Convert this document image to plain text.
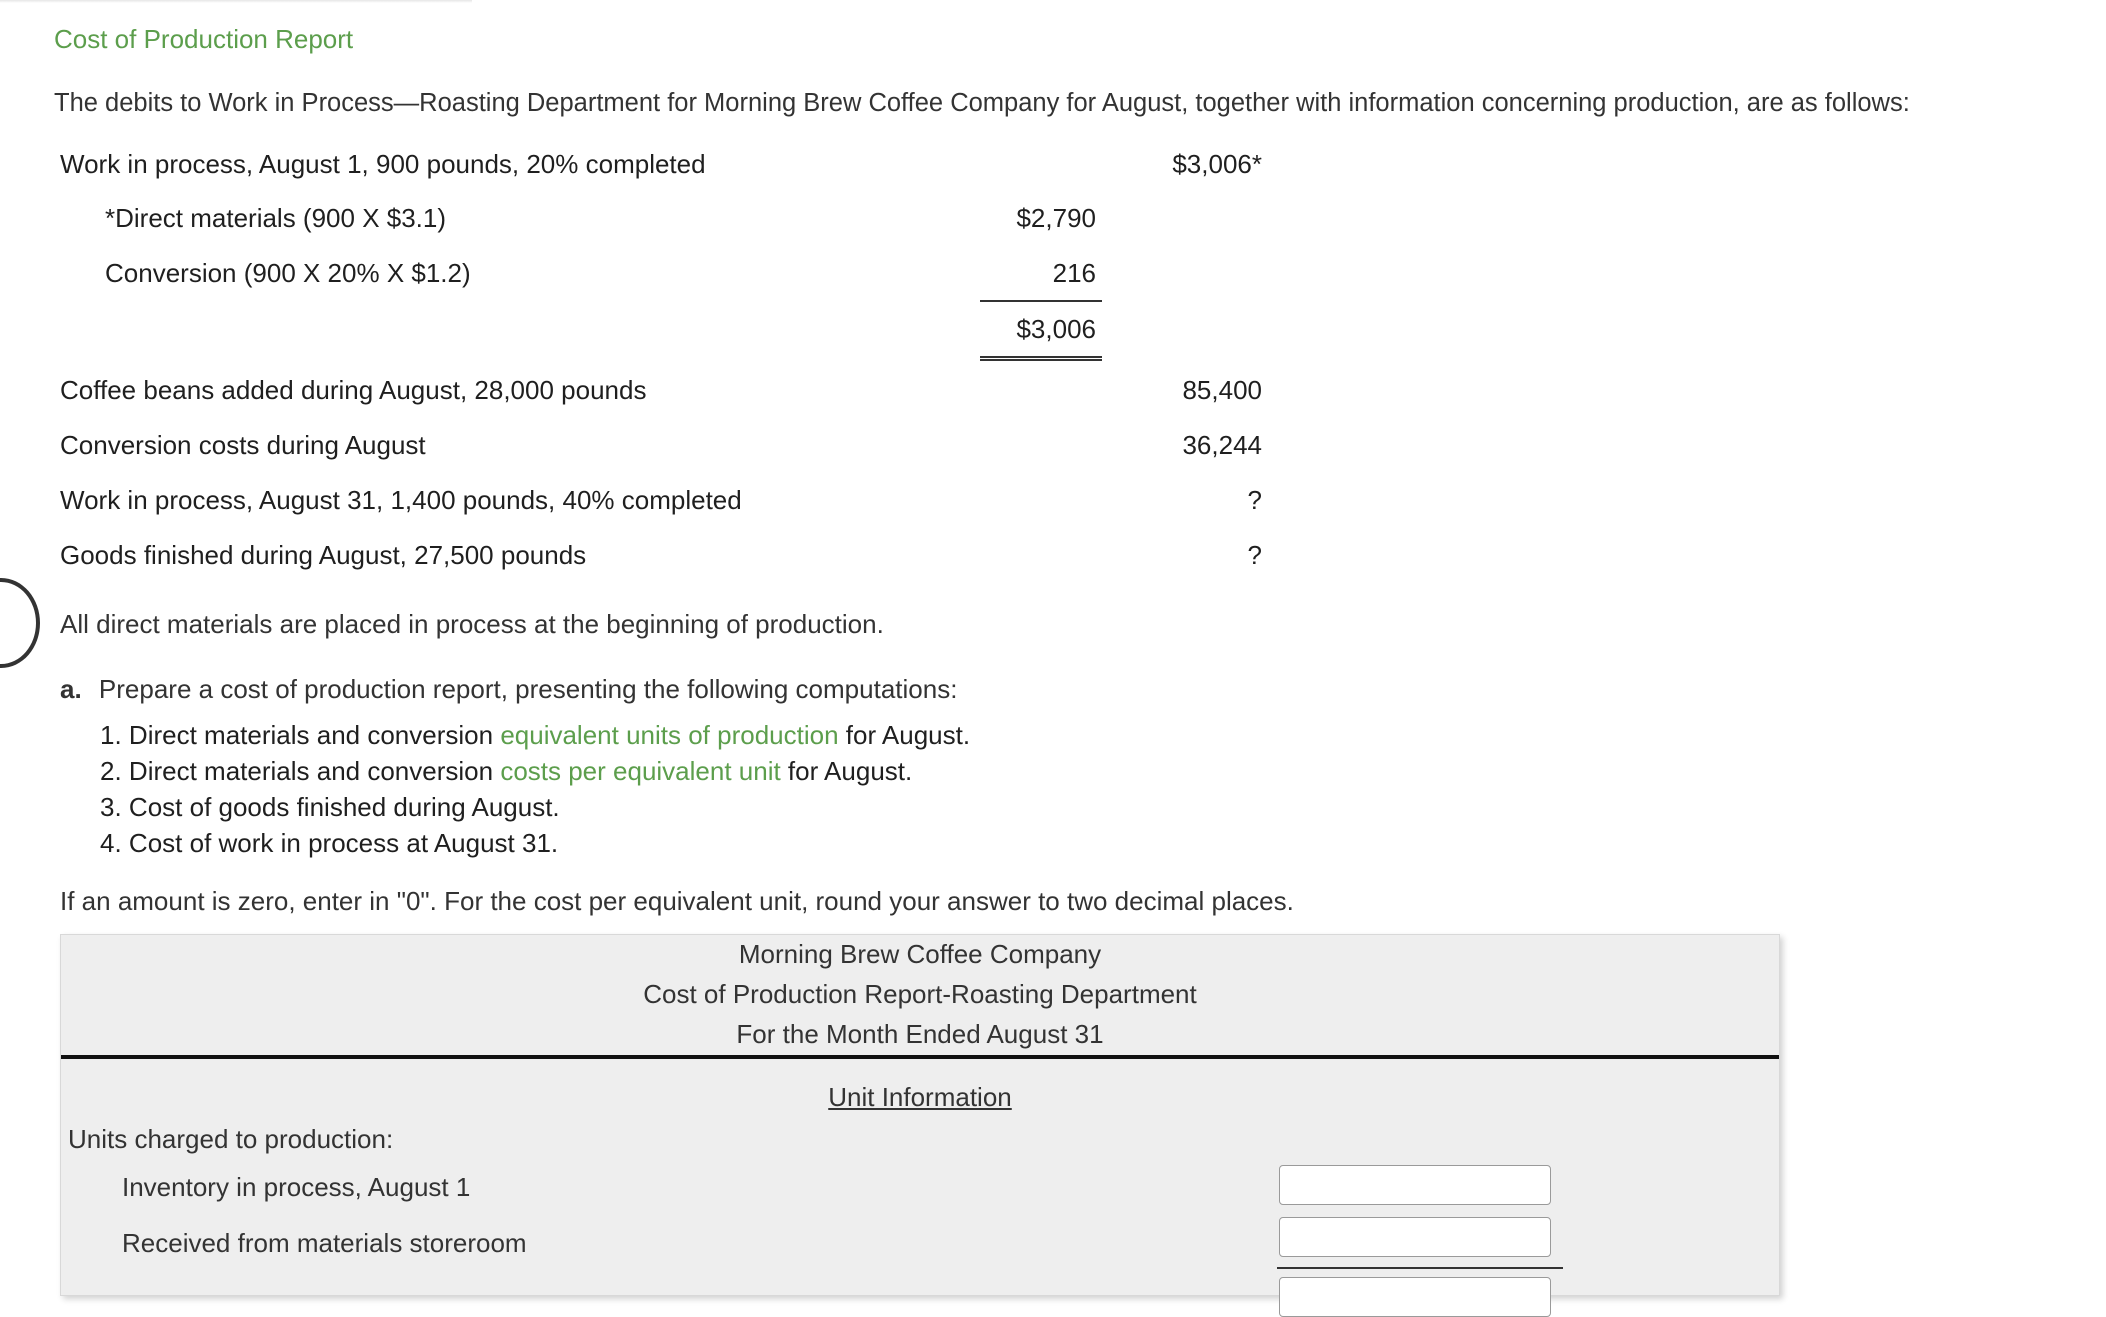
Cost of Production Report
The debits to Work in Process—Roasting Department for Morning Brew Coffee Company for August, together with information concerning production, are as follows:
Work in process, August 1, 900 pounds, 20% completed	$3,006*
*Direct materials (900 X $3.1)	$2,790
Conversion (900 X 20% X $1.2)	216
$3,006
Coffee beans added during August, 28,000 pounds	85,400
Conversion costs during August	36,244
Work in process, August 31, 1,400 pounds, 40% completed	?
Goods finished during August, 27,500 pounds	?
All direct materials are placed in process at the beginning of production.
a. Prepare a cost of production report, presenting the following computations:
1. Direct materials and conversion equivalent units of production for August.
2. Direct materials and conversion costs per equivalent unit for August.
3. Cost of goods finished during August.
4. Cost of work in process at August 31.
If an amount is zero, enter in "0". For the cost per equivalent unit, round your answer to two decimal places.
Morning Brew Coffee Company
Cost of Production Report-Roasting Department
For the Month Ended August 31
Unit Information
Units charged to production:
Inventory in process, August 1
Received from materials storeroom
